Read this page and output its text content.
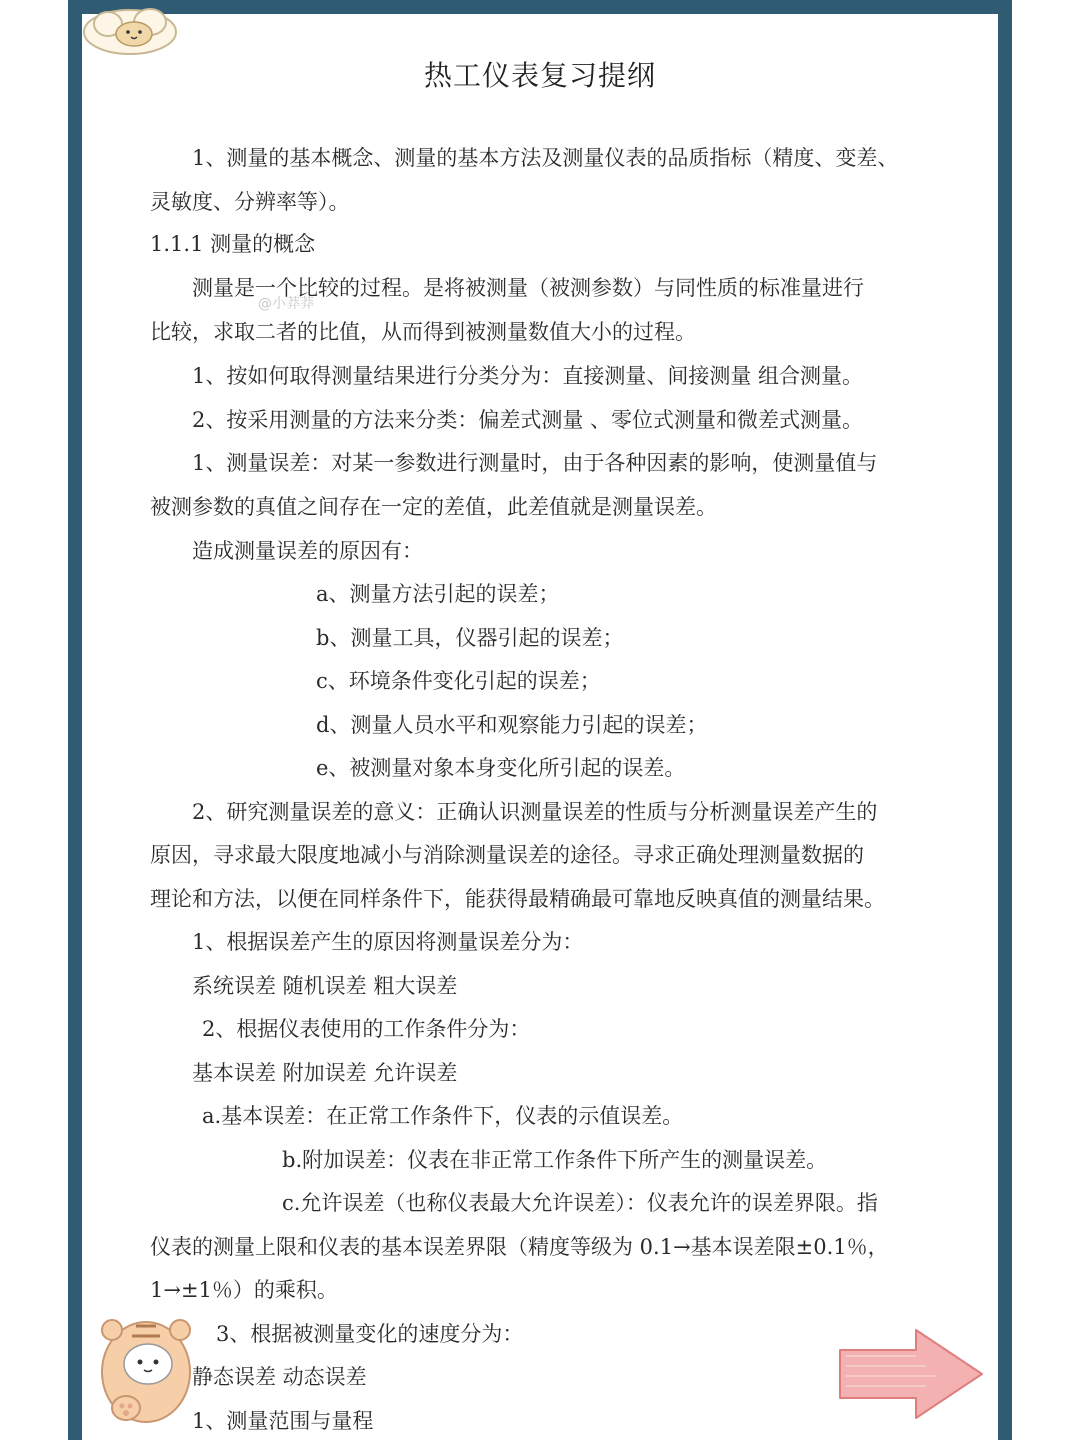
热工仪表复习提纲
1、测量的基本概念、测量的基本方法及测量仪表的品质指标（精度、变差、
灵敏度、分辨率等）。
1.1.1 测量的概念
测量是一个比较的过程。是将被测量（被测参数）与同性质的标准量进行
比较，求取二者的比值，从而得到被测量数值大小的过程。
1、按如何取得测量结果进行分类分为：直接测量、间接测量 组合测量。
2、按采用测量的方法来分类：偏差式测量 、零位式测量和微差式测量。
1、测量误差：对某一参数进行测量时，由于各种因素的影响，使测量值与
被测参数的真值之间存在一定的差值，此差值就是测量误差。
造成测量误差的原因有：
a、测量方法引起的误差；
b、测量工具，仪器引起的误差；
c、环境条件变化引起的误差；
d、测量人员水平和观察能力引起的误差；
e、被测量对象本身变化所引起的误差。
2、研究测量误差的意义：正确认识测量误差的性质与分析测量误差产生的
原因，寻求最大限度地减小与消除测量误差的途径。寻求正确处理测量数据的
理论和方法，以便在同样条件下，能获得最精确最可靠地反映真值的测量结果。
1、根据误差产生的原因将测量误差分为：
系统误差 随机误差 粗大误差
2、根据仪表使用的工作条件分为：
基本误差 附加误差 允许误差
a.基本误差：在正常工作条件下，仪表的示值误差。
b.附加误差：仪表在非正常工作条件下所产生的测量误差。
c.允许误差（也称仪表最大允许误差）：仪表允许的误差界限。指
仪表的测量上限和仪表的基本误差界限（精度等级为 0.1→基本误差限±0.1％，
1→±1％）的乘积。
3、根据被测量变化的速度分为：
静态误差 动态误差
1、测量范围与量程
@小莽莽
